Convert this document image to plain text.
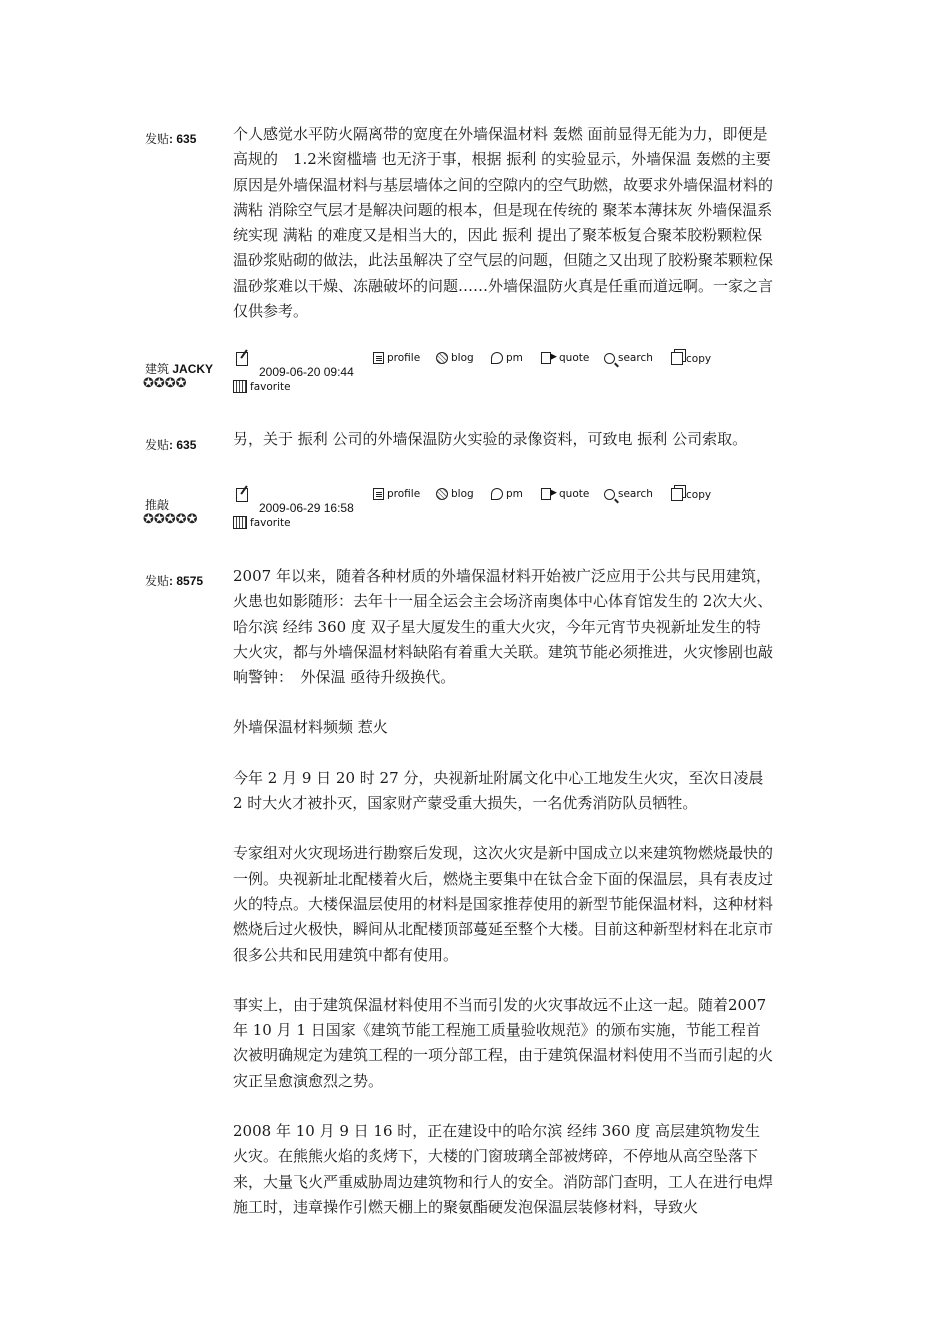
发贴: 635	个人感觉水平防火隔离带的宽度在外墙保温材料 轰燃 面前显得无能为力，即便是高规的　1.2米窗槛墙 也无济于事，根据 振利 的实验显示，外墙保温 轰燃的主要原因是外墙保温材料与基层墙体之间的空隙内的空气助燃，故要求外墙保温材料的 满粘 消除空气层才是解决问题的根本，但是现在传统的 聚苯本薄抹灰 外墙保温系统实现 满粘 的难度又是相当大的，因此 振利 提出了聚苯板复合聚苯胶粉颗粒保温砂浆贴砌的做法，此法虽解决了空气层的问题，但随之又出现了胶粉聚苯颗粒保温砂浆难以干燥、冻融破坏的问题……外墙保温防火真是任重而道远啊。一家之言仅供参考。

建筑 JACKY
✪✪✪✪
2009-06-20 09:44
profile	blog	pm ▶	quote	search	copy
favorite
发贴: 635	另，关于 振利 公司的外墙保温防火实验的录像资料，可致电 振利 公司索取。

推敲
✪✪✪✪✪
2009-06-29 16:58
profile	blog	pm ▶	quote	search	copy
favorite
发贴: 8575	2007 年以来，随着各种材质的外墙保温材料开始被广泛应用于公共与民用建筑，火患也如影随形：去年十一届全运会主会场济南奥体中心体育馆发生的 2次大火、哈尔滨 经纬 360 度 双子星大厦发生的重大火灾，今年元宵节央视新址发生的特大火灾，都与外墙保温材料缺陷有着重大关联。建筑节能必须推进，火灾惨剧也敲响警钟：　外保温 亟待升级换代。

外墙保温材料频频 惹火

今年 2 月 9 日 20 时 27 分，央视新址附属文化中心工地发生火灾，至次日凌晨 2 时大火才被扑灭，国家财产蒙受重大损失，一名优秀消防队员牺牲。

专家组对火灾现场进行勘察后发现，这次火灾是新中国成立以来建筑物燃烧最快的一例。央视新址北配楼着火后，燃烧主要集中在钛合金下面的保温层，具有表皮过火的特点。大楼保温层使用的材料是国家推荐使用的新型节能保温材料，这种材料燃烧后过火极快，瞬间从北配楼顶部蔓延至整个大楼。目前这种新型材料在北京市很多公共和民用建筑中都有使用。

事实上，由于建筑保温材料使用不当而引发的火灾事故远不止这一起。随着2007 年 10 月 1 日国家《建筑节能工程施工质量验收规范》的颁布实施，节能工程首次被明确规定为建筑工程的一项分部工程，由于建筑保温材料使用不当而引起的火灾正呈愈演愈烈之势。

2008 年 10 月 9 日 16 时，正在建设中的哈尔滨 经纬 360 度 高层建筑物发生火灾。在熊熊火焰的炙烤下，大楼的门窗玻璃全部被烤碎，不停地从高空坠落下来，大量飞火严重威胁周边建筑物和行人的安全。消防部门查明，工人在进行电焊施工时，违章操作引燃天棚上的聚氨酯硬发泡保温层装修材料，导致火
